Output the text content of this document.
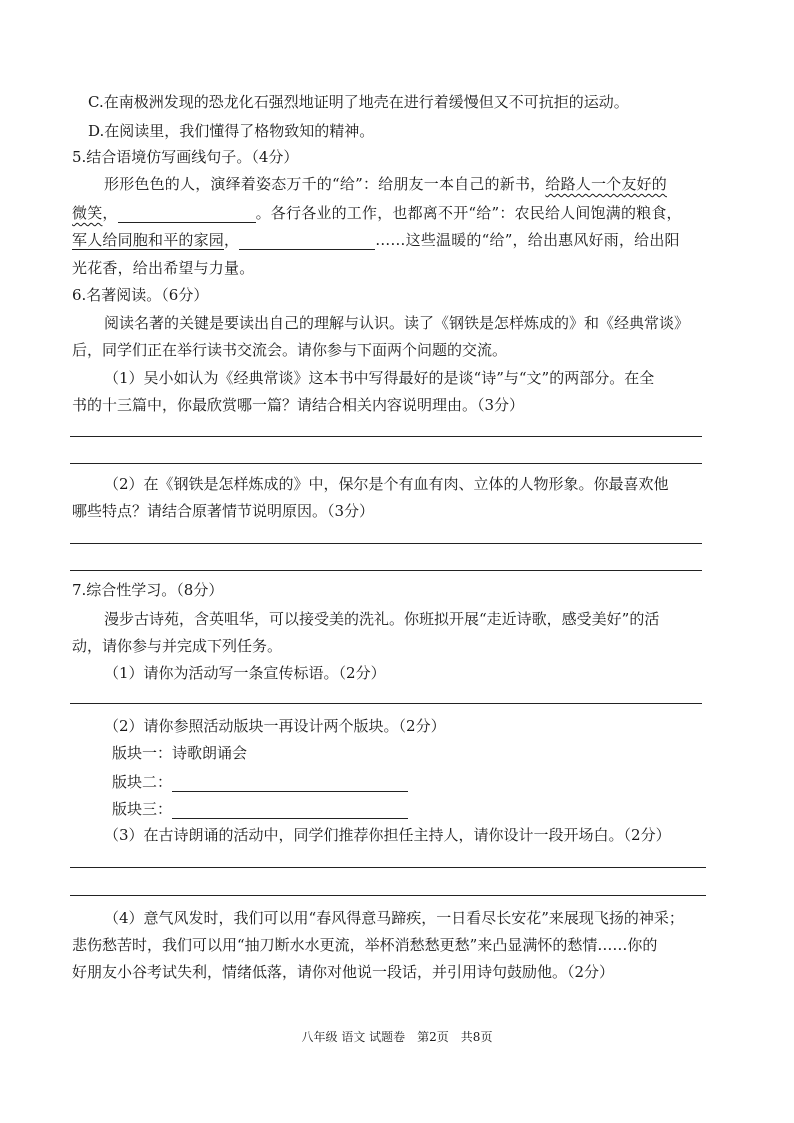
C.在南极洲发现的恐龙化石强烈地证明了地壳在进行着缓慢但又不可抗拒的运动。
D.在阅读里，我们懂得了格物致知的精神。
5.结合语境仿写画线句子。（4分）
形形色色的人，演绎着姿态万千的“给”：给朋友一本自己的新书，给路人一个友好的
微笑，	。各行各业的工作，也都离不开“给”：农民给人间饱满的粮食，
军人给同胞和平的家园，	……这些温暖的“给”，给出惠风好雨，给出阳
光花香，给出希望与力量。
6.名著阅读。（6分）
阅读名著的关键是要读出自己的理解与认识。读了《钢铁是怎样炼成的》和《经典常谈》
后，同学们正在举行读书交流会。请你参与下面两个问题的交流。
（1）吴小如认为《经典常谈》这本书中写得最好的是谈“诗”与“文”的两部分。在全
书的十三篇中，你最欣赏哪一篇？请结合相关内容说明理由。（3分）
（2）在《钢铁是怎样炼成的》中，保尔是个有血有肉、立体的人物形象。你最喜欢他
哪些特点？请结合原著情节说明原因。（3分）
7.综合性学习。（8分）
漫步古诗苑，含英咀华，可以接受美的洗礼。你班拟开展“走近诗歌，感受美好”的活
动，请你参与并完成下列任务。
（1）请你为活动写一条宣传标语。（2分）
（2）请你参照活动版块一再设计两个版块。（2分）
版块一：诗歌朗诵会
版块二：
版块三：
（3）在古诗朗诵的活动中，同学们推荐你担任主持人，请你设计一段开场白。（2分）
（4）意气风发时，我们可以用“春风得意马蹄疾，一日看尽长安花”来展现飞扬的神采；
悲伤愁苦时，我们可以用“抽刀断水水更流，举杯消愁愁更愁”来凸显满怀的愁情……你的
好朋友小谷考试失利，情绪低落，请你对他说一段话，并引用诗句鼓励他。（2分）
八年级 语文 试题卷　第2页　共8页
